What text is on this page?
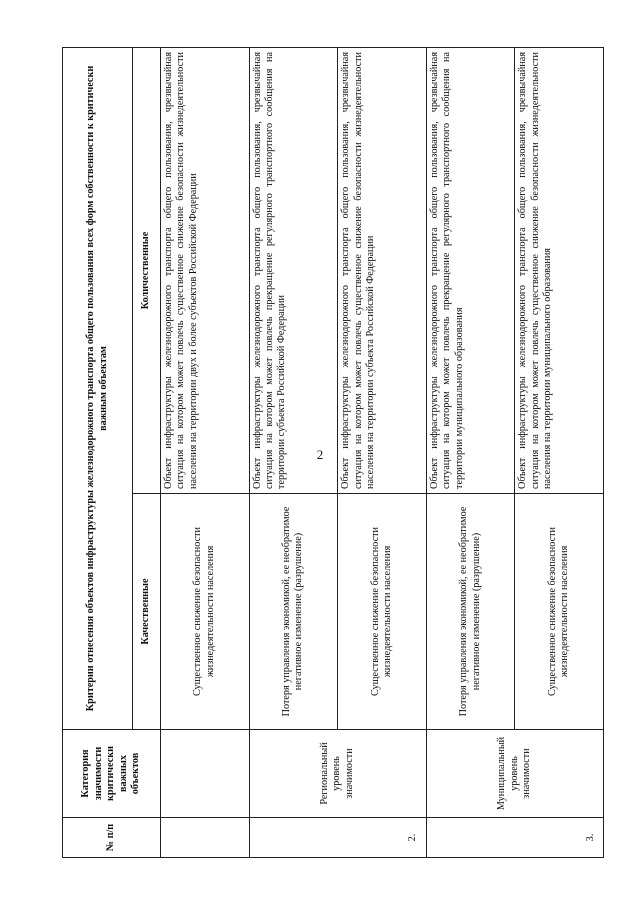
2
№ п/п	Категория значимости критически важных объектов	Критерии отнесения объектов инфраструктуры железнодорожного транспорта общего пользования всех форм собственности к критически важным объектам	
		Качественные	Количественные
		Существенное снижение безопасности жизнедеятельности населения	Объект инфраструктуры железнодорожного транспорта общего пользования, чрезвычайная ситуация на котором может повлечь существенное снижение безопасности жизнедеятельности населения на территории двух и более субъектов Российской Федерации
2.	Региональный уровень значимости	Потеря управления экономикой, ее необратимое негативное изменение (разрушение)	Объект инфраструктуры железнодорожного транспорта общего пользования, чрезвычайная ситуация на котором может повлечь прекращение регулярного транспортного сообщения на территории субъекта Российской Федерации
		Существенное снижение безопасности жизнедеятельности населения	Объект инфраструктуры железнодорожного транспорта общего пользования, чрезвычайная ситуация на котором может повлечь существенное снижение безопасности жизнедеятельности населения на территории субъекта Российской Федерации
3.	Муниципальный уровень значимости	Потеря управления экономикой, ее необратимое негативное изменение (разрушение)	Объект инфраструктуры железнодорожного транспорта общего пользования, чрезвычайная ситуация на котором может повлечь прекращение регулярного транспортного сообщения на территории муниципального образования
		Существенное снижение безопасности жизнедеятельности населения	Объект инфраструктуры железнодорожного транспорта общего пользования, чрезвычайная ситуация на котором может повлечь существенное снижение безопасности жизнедеятельности населения на территории муниципального образования
